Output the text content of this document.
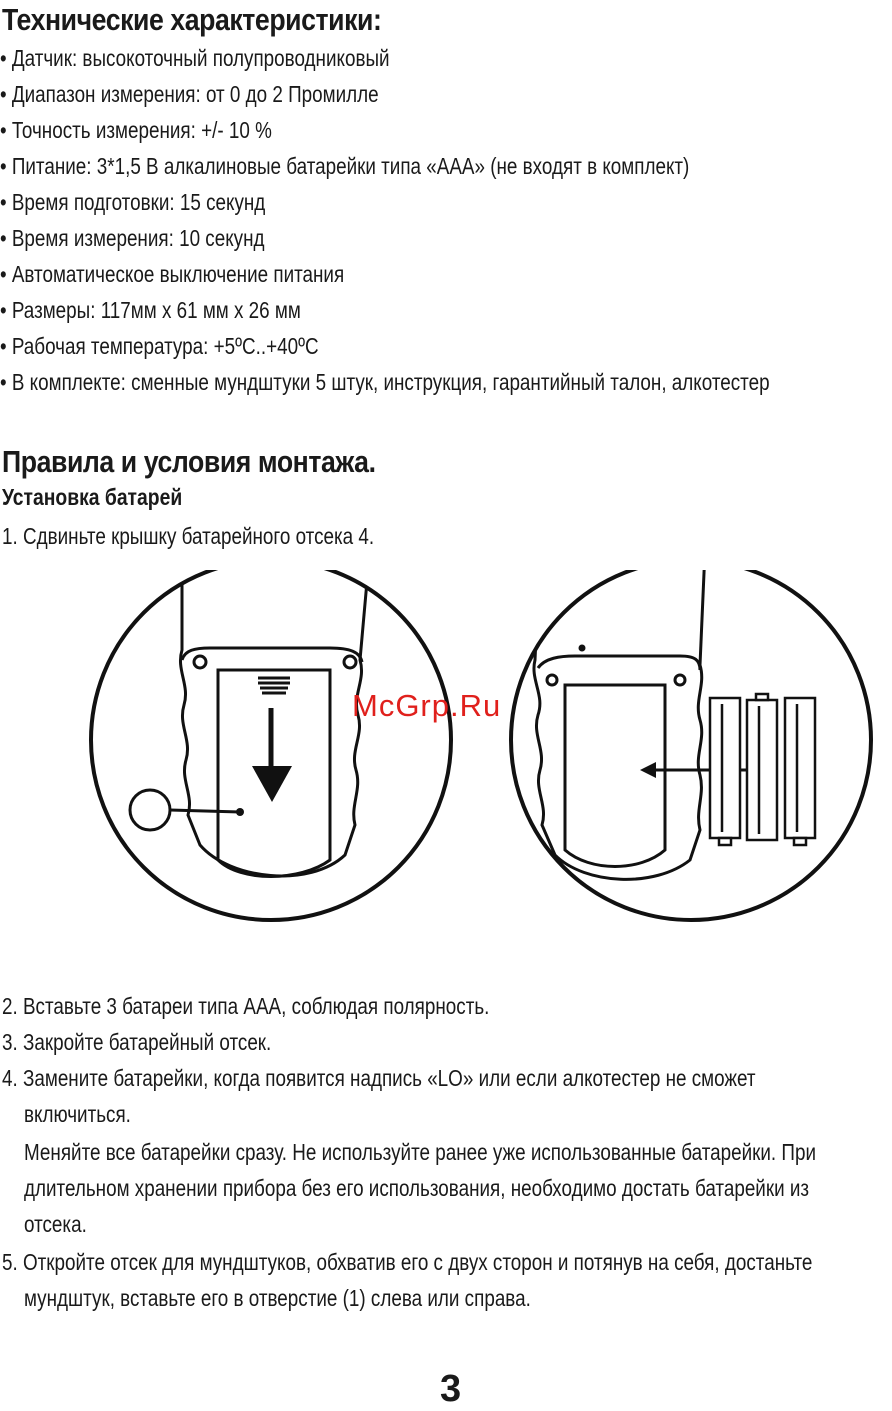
Технические характеристики:
• Датчик: высокоточный полупроводниковый
• Диапазон измерения: от 0 до 2 Промилле
• Точность измерения: +/- 10 %
• Питание: 3*1,5 В алкалиновые батарейки типа «AAA» (не входят в комплект)
• Время подготовки: 15 секунд
• Время измерения: 10 секунд
• Автоматическое выключение питания
• Размеры: 117мм х 61 мм х 26 мм
• Рабочая температура: +5ºC..+40ºC
• В комплекте: сменные мундштуки 5 штук, инструкция, гарантийный талон, алкотестер
Правила и условия монтажа.
Установка батарей
1. Сдвиньте крышку батарейного отсека 4.
McGrp.Ru
2. Вставьте 3 батареи типа ААА, соблюдая полярность.
3. Закройте батарейный отсек.
4. Замените батарейки, когда появится надпись «LO» или если алкотестер не сможет
включиться.
Меняйте все батарейки сразу. Не используйте ранее уже использованные батарейки. При
длительном хранении прибора без его использования, необходимо достать батарейки из
отсека.
5. Откройте отсек для мундштуков, обхватив его с двух сторон и потянув на себя, достаньте
мундштук, вставьте его в отверстие (1) слева или справа.
3
